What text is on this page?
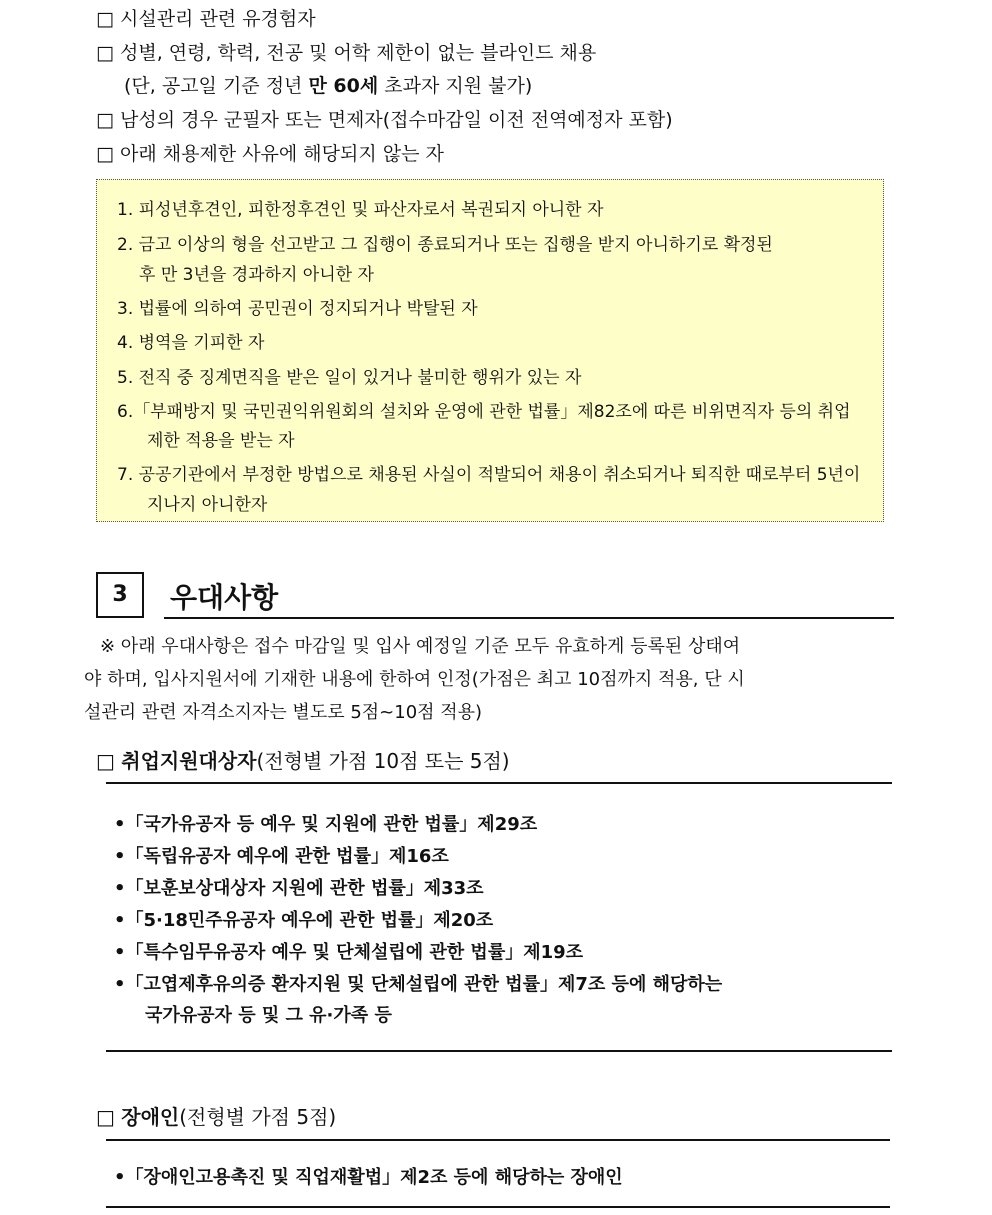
□ 시설관리 관련 유경험자
□ 성별, 연령, 학력, 전공 및 어학 제한이 없는 블라인드 채용
(단, 공고일 기준 정년 만 60세 초과자 지원 불가)
□ 남성의 경우 군필자 또는 면제자(접수마감일 이전 전역예정자 포함)
□ 아래 채용제한 사유에 해당되지 않는 자
1. 피성년후견인, 피한정후견인 및 파산자로서 복권되지 아니한 자
2. 금고 이상의 형을 선고받고 그 집행이 종료되거나 또는 집행을 받지 아니하기로 확정된
후 만 3년을 경과하지 아니한 자
3. 법률에 의하여 공민권이 정지되거나 박탈된 자
4. 병역을 기피한 자
5. 전직 중 징계면직을 받은 일이 있거나 불미한 행위가 있는 자
6.「부패방지 및 국민권익위원회의 설치와 운영에 관한 법률」제82조에 따른 비위면직자 등의 취업
제한 적용을 받는 자
7. 공공기관에서 부정한 방법으로 채용된 사실이 적발되어 채용이 취소되거나 퇴직한 때로부터 5년이
지나지 아니한자
3	우대사항
※ 아래 우대사항은 접수 마감일 및 입사 예정일 기준 모두 유효하게 등록된 상태여
야 하며, 입사지원서에 기재한 내용에 한하여 인정(가점은 최고 10점까지 적용, 단 시
설관리 관련 자격소지자는 별도로 5점~10점 적용)
□ 취업지원대상자(전형별 가점 10점 또는 5점)
•「국가유공자 등 예우 및 지원에 관한 법률」제29조
•「독립유공자 예우에 관한 법률」제16조
•「보훈보상대상자 지원에 관한 법률」제33조
•「5·18민주유공자 예우에 관한 법률」제20조
•「특수임무유공자 예우 및 단체설립에 관한 법률」제19조
•「고엽제후유의증 환자지원 및 단체설립에 관한 법률」제7조 등에 해당하는
국가유공자 등 및 그 유·가족 등
□ 장애인(전형별 가점 5점)
•「장애인고용촉진 및 직업재활법」제2조 등에 해당하는 장애인
